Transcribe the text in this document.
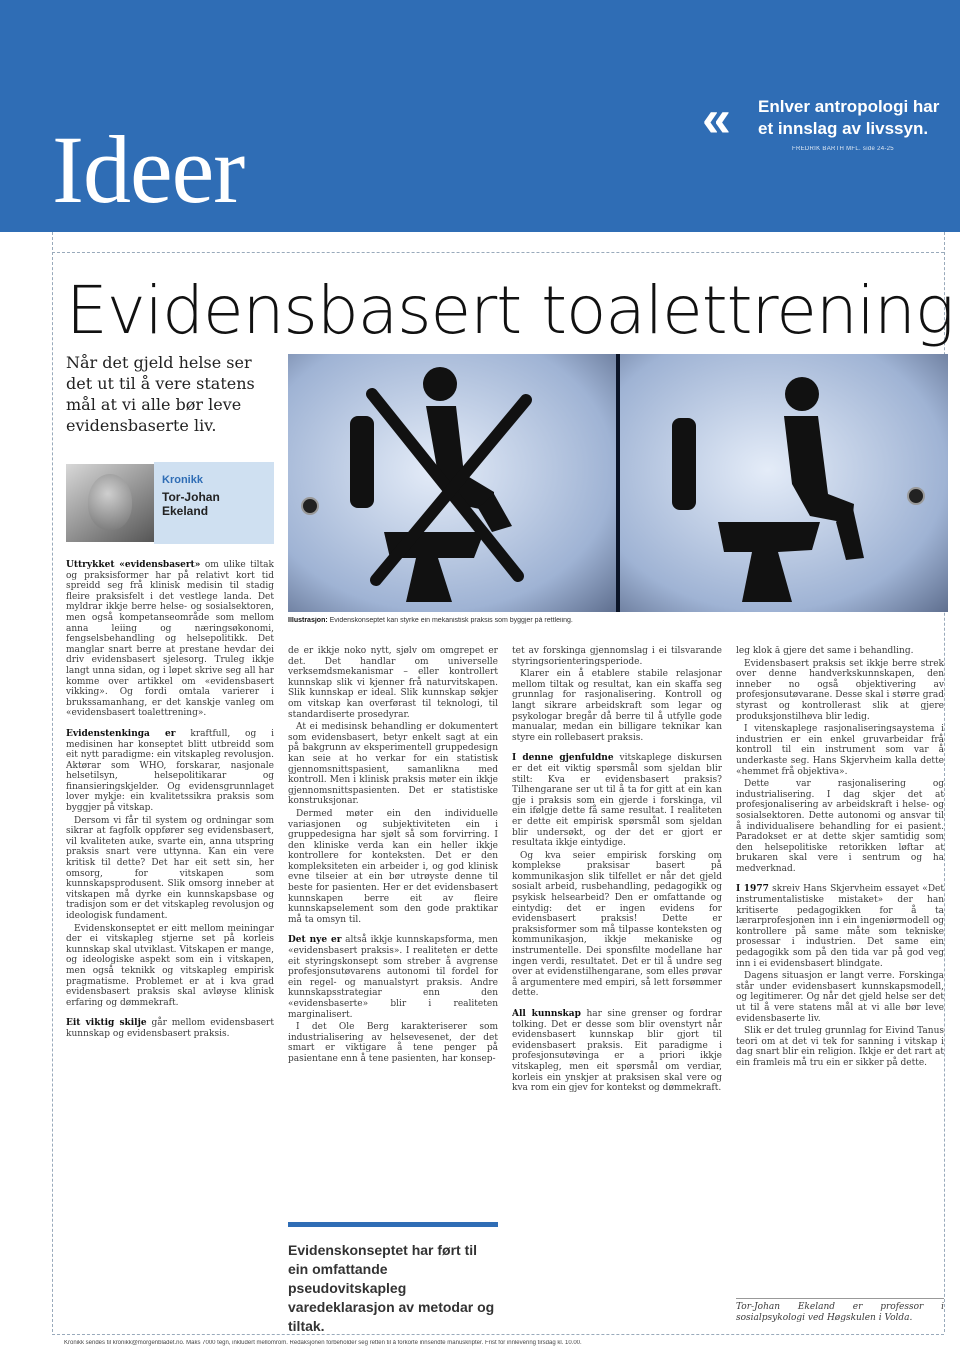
Ideer	« Enlver antropologi har et innslag av livssyn.
FREDRIK BARTH MFL. side 24-25
Evidensbasert toalettrening
Når det gjeld helse ser det ut til å vere statens mål at vi alle bør leve evidensbaserte liv.
Kronikk
Tor-Johan Ekeland
Illustrasjon: Evidenskonseptet kan styrke ein mekanistisk praksis som byggjer på rettleiing.

Uttrykket «evidensbasert» om ulike tiltak og praksisformer har på relativt kort tid spreidd seg frå klinisk medisin til stadig fleire praksisfelt i det vestlege landa. Det myldrar ikkje berre helse- og sosialsektoren, men også kompetanseområde som mellom anna leiing og næringsøkonomi, fengselsbehandling og helsepolitikk. Det manglar snart berre at prestane hevdar dei driv evidensbasert sjelesorg. Truleg ikkje langt unna sidan, og i løpet skrive seg all har komme over artikkel om «evidensbasert vikking». Og fordi omtala varierer i brukssamanhang, er det kanskje vanleg om «evidensbasert toalettrening».

Evidenstenkinga er kraftfull, og i medisinen har konseptet blitt utbreidd som eit nytt paradigme: ein vitskapleg revolusjon. Aktørar som WHO, forskarar, nasjonale helsetilsyn, helsepolitikarar og finansieringskjelder. Og evidensgrunnlaget lover mykje: ein kvalitetssikra praksis som byggjer på vitskap.

Dersom vi får til system og ordningar som sikrar at fagfolk oppfører seg evidensbasert, vil kvaliteten auke, svarte ein, anna utspring praksis snart vere uttynna. Kan ein vere kritisk til dette? Det har eit sett sin, her omsorg, for vitskapen som kunnskapsprodusent. Slik omsorg inneber at vitskapen må dyrke ein kunnskapsbase og tradisjon som er det vitskapleg revolusjon og ideologisk fundament.

Evidenskonseptet er eitt mellom meiningar der ei vitskapleg stjerne set på korleis kunnskap skal utviklast. Vitskapen er mange, og ideologiske aspekt som ein i vitskapen, men også teknikk og vitskapleg empirisk pragmatisme. Problemet er at i kva grad evidensbasert praksis skal avløyse klinisk erfaring og dømmekraft.

Eit viktig skilje går mellom evidensbasert kunnskap og evidensbasert praksis.

de er ikkje noko nytt, sjølv om omgrepet er det. Det handlar om universelle verksemdsmekanismar – eller kontrollert kunnskap slik vi kjenner frå naturvitskapen. Slik kunnskap er ideal. Slik kunnskap søkjer om vitskap kan overførast til teknologi, til standardiserte prosedyrar.

At ei medisinsk behandling er dokumentert som evidensbasert, betyr enkelt sagt at ein på bakgrunn av eksperimentell gruppedesign kan seie at ho verkar for ein statistisk gjennomsnittspasient, samanlikna med kontroll. Men i klinisk praksis møter ein ikkje gjennomsnittspasienten. Det er statistiske konstruksjonar.

Dermed møter ein den individuelle variasjonen og subjektiviteten ein i gruppedesigna har sjølt så som forvirring. I den kliniske verda kan ein heller ikkje kontrollere for konteksten. Det er den kompleksiteten ein arbeider i, og god klinisk evne tilseier at ein bør utrøyste denne til beste for pasienten. Her er det evidensbasert kunnskapen berre eit av fleire kunnskapselement som den gode praktikar må ta omsyn til.

Det nye er altså ikkje kunnskapsforma, men «evidensbasert praksis». I realiteten er dette eit styringskonsept som streber å avgrense profesjonsutøvarens autonomi til fordel for ein regel- og manualstyrt praksis. Andre kunnskapsstrategiar enn den «evidensbaserte» blir i realiteten marginalisert.

I det Ole Berg karakteriserer som industrialisering av helsevesenet, der det smart er viktigare å tene penger på pasientane enn å tene pasienten, har konsep-

Evidenskonseptet har ført til ein omfattande pseudovitskapleg varedeklarasjon av metodar og tiltak.

tet av forskinga gjennomslag i ei tilsvarande styringsorienteringsperiode.

Klarer ein å etablere stabile relasjonar mellom tiltak og resultat, kan ein skaffa seg grunnlag for rasjonalisering. Kontroll og langt sikrare arbeidskraft som legar og psykologar bregår då berre til å utfylle gode manualar, medan ein billigare teknikar kan styre ein rollebasert praksis.

I denne gjenfuldne vitskaplege diskursen er det eit viktig spørsmål som sjeldan blir stilt: Kva er evidensbasert praksis? Tilhengarane ser ut til å ta for gitt at ein kan gje i praksis som ein gjerde i forskinga, vil ein ifølgje dette få same resultat. I realiteten er dette eit empirisk spørsmål som sjeldan blir undersøkt, og der det er gjort er resultata ikkje eintydige.

Og kva seier empirisk forsking om komplekse praksisar basert på kommunikasjon slik tilfellet er når det gjeld sosialt arbeid, rusbehandling, pedagogikk og psykisk helsearbeid? Den er omfattande og eintydig: det er ingen evidens for evidensbasert praksis! Dette er praksisformer som må tilpasse konteksten og kommunikasjon, ikkje mekaniske og instrumentelle. Dei sponsfilte modellane har ingen verdi, resultatet. Det er til å undre seg over at evidenstilhengarane, som elles prøvar å argumentere med empiri, så lett forsømmer dette.

All kunnskap har sine grenser og fordrar tolking. Det er desse som blir ovenstyrt når evidensbasert kunnskap blir gjort til evidensbasert praksis. Eit paradigme i profesjonsutøvinga er a priori ikkje vitskapleg, men eit spørsmål om verdiar, korleis ein ynskjer at praksisen skal vere og kva rom ein gjev for kontekst og dømmekraft.

leg klok å gjere det same i behandling.

Evidensbasert praksis set ikkje berre strek over denne handverkskunnskapen, den inneber no også objektivering av profesjonsutøvarane. Desse skal i større grad styrast og kontrollerast slik at gjere produksjonstilhøva blir ledig.

I vitenskaplege rasjonaliseringsaystema i industrien er ein enkel gruvarbeidar frå kontroll til ein instrument som var å underkaste seg. Hans Skjervheim kalla dette «hemmet frå objektiva».

Dette var rasjonalisering og industrialisering. I dag skjer det at profesjonalisering av arbeidskraft i helse- og sosialsektoren. Dette autonomi og ansvar til å individualisere behandling for ei pasient. Paradokset er at dette skjer samtidig som den helsepolitiske retorikken løftar at brukaren skal vere i sentrum og ha medverknad.

I 1977 skreiv Hans Skjervheim essayet «Det instrumentalistiske mistaket» der han kritiserte pedagogikken for å ta lærarprofesjonen inn i ein ingeniørmodell og kontrollere på same måte som tekniske prosessar i industrien. Det same ein pedagogikk som på den tida var på god veg inn i ei evidensbasert blindgate.

Dagens situasjon er langt verre. Forskinga står under evidensbasert kunnskapsmodell, og legitimerer. Og når det gjeld helse ser det ut til å vere statens mål at vi alle bør leve evidensbaserte liv.

Slik er det truleg grunnlag for Eivind Tanus teori om at det vi tek for sanning i vitskap i dag snart blir ein religion. Ikkje er det rart at ein framleis må tru ein er sikker på dette.

Tor-Johan Ekeland er professor i sosialpsykologi ved Høgskulen i Volda.
Kronikk sendes til kronikk@morgenbladet.no. Maks 7000 tegn, inkludert mellomrom. Redaksjonen forbeholder seg retten til å forkorte innsendte manuskripter. Frist for innlevering tirsdag kl. 10.00.
